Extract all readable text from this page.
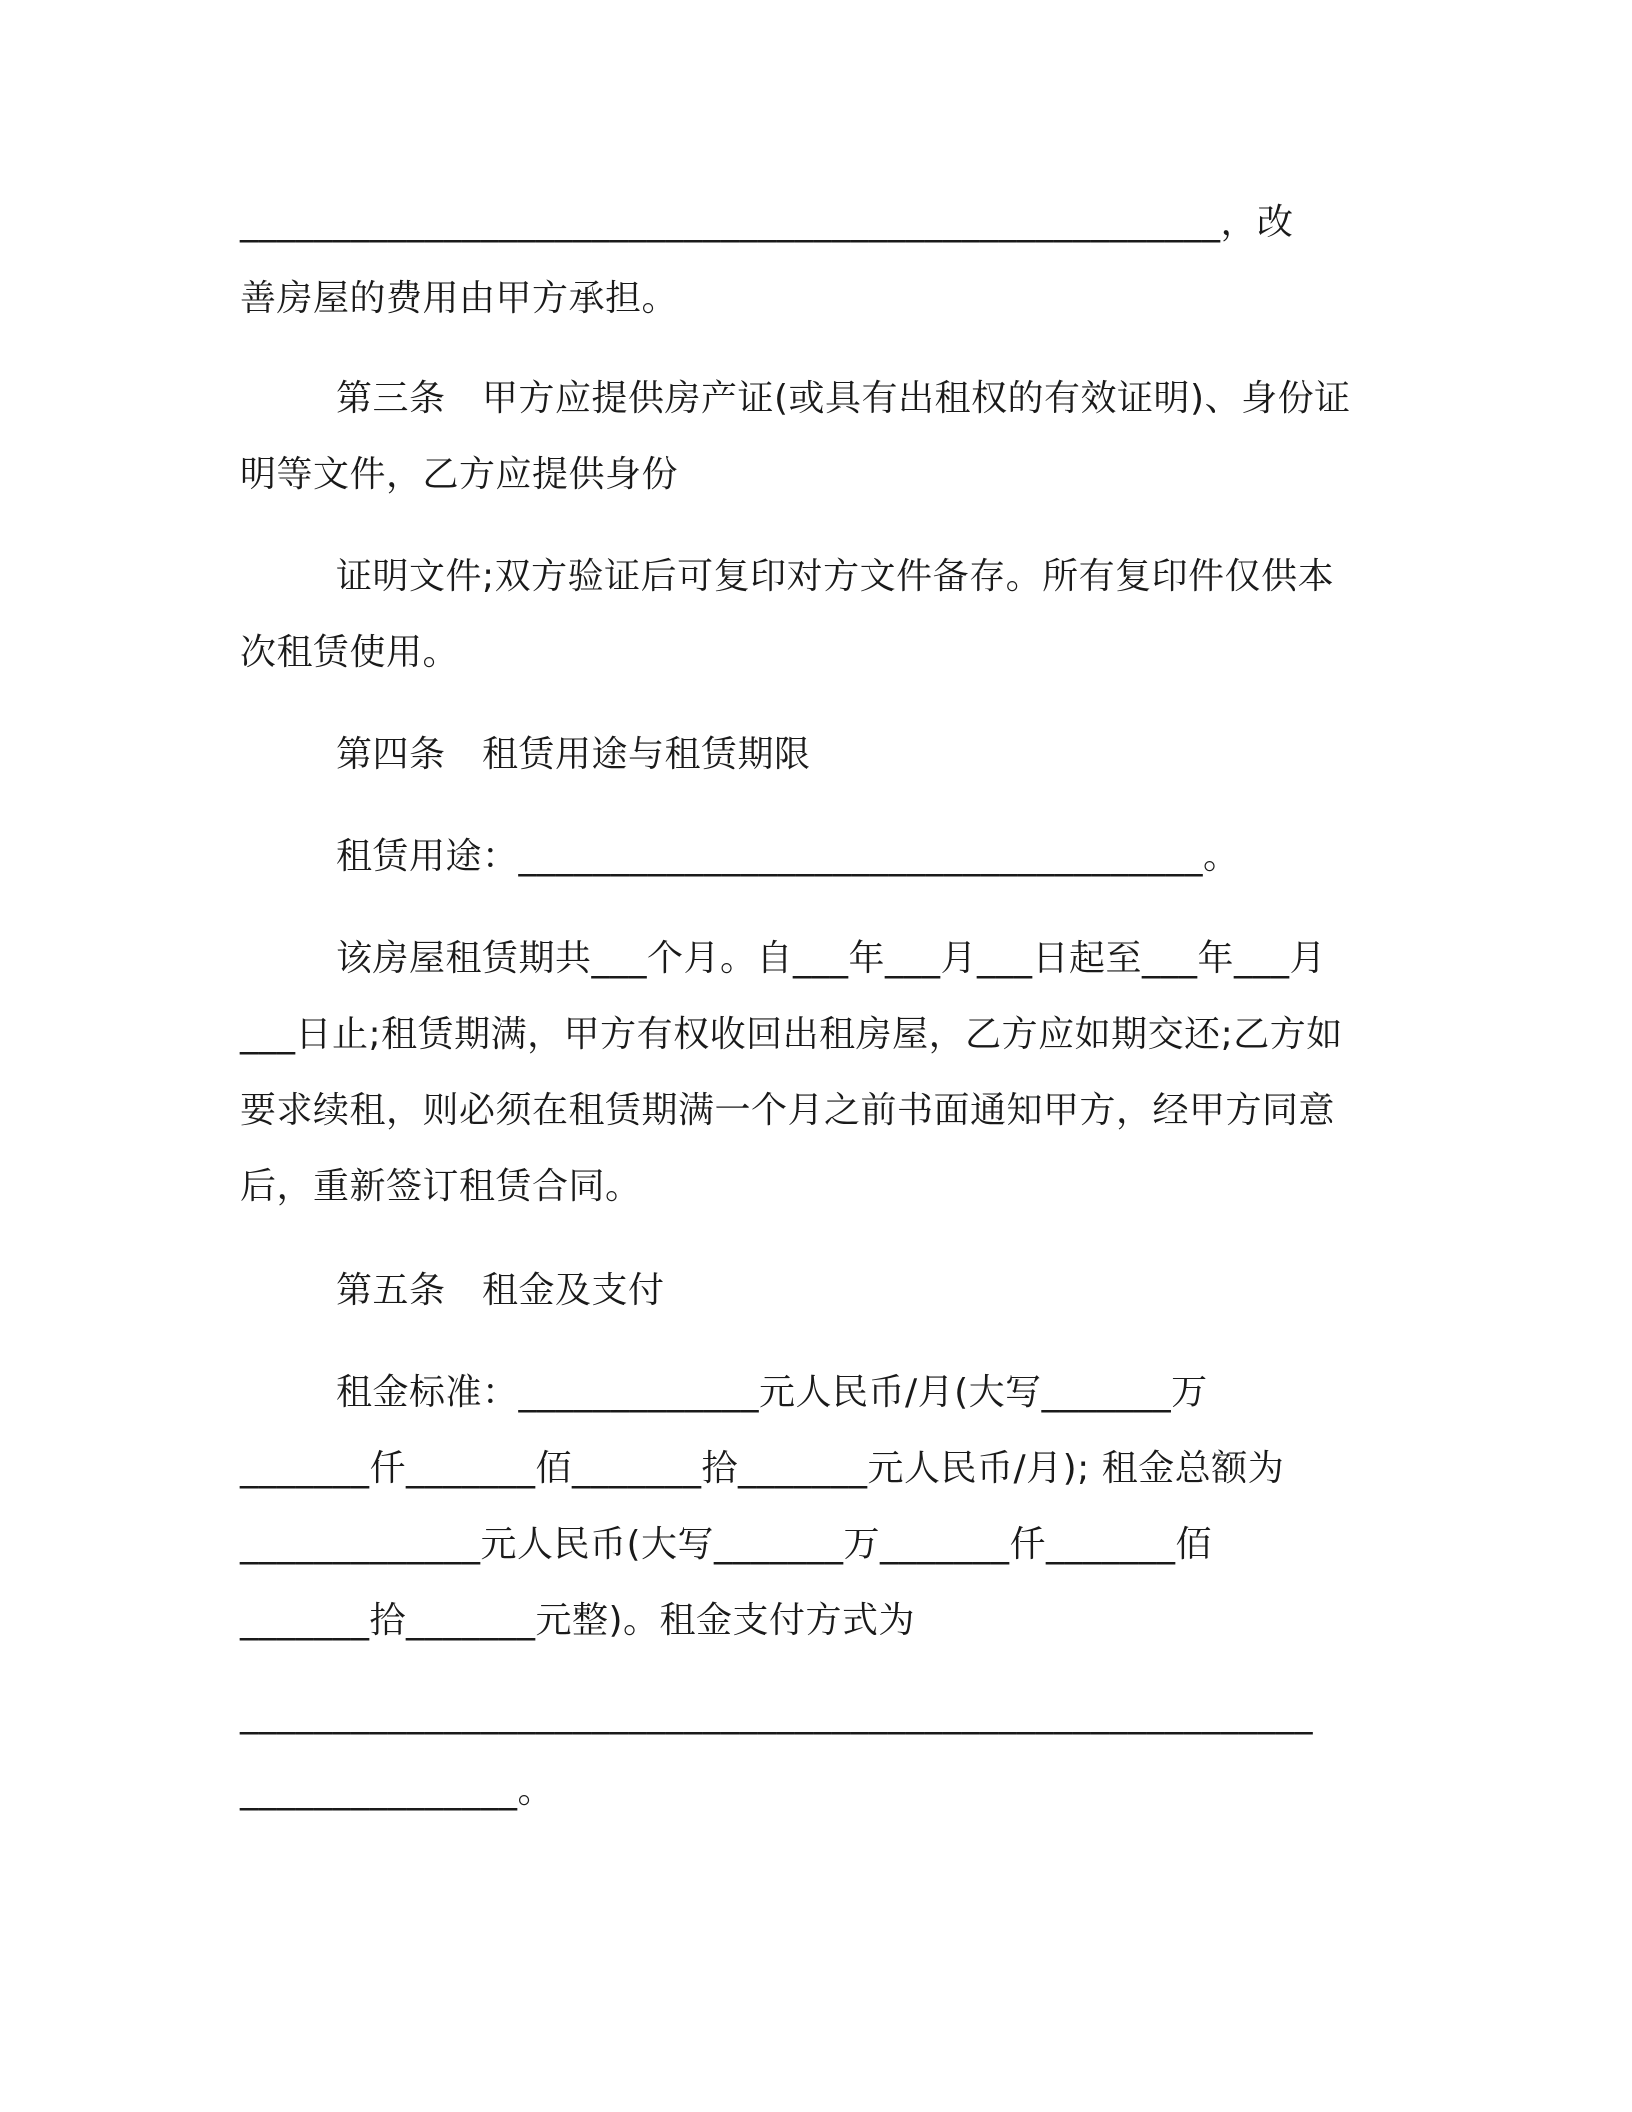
_____________________________________________________，改
善房屋的费用由甲方承担。
第三条　甲方应提供房产证(或具有出租权的有效证明)、身份证
明等文件，乙方应提供身份
证明文件;双方验证后可复印对方文件备存。所有复印件仅供本
次租赁使用。
第四条　租赁用途与租赁期限
租赁用途：_____________________________________。
该房屋租赁期共___个月。自___年___月___日起至___年___月
___日止;租赁期满，甲方有权收回出租房屋，乙方应如期交还;乙方如
要求续租，则必须在租赁期满一个月之前书面通知甲方，经甲方同意
后，重新签订租赁合同。
第五条　租金及支付
租金标准：_____________元人民币/月(大写_______万
_______仟_______佰_______拾_______元人民币/月); 租金总额为
_____________元人民币(大写_______万_______仟_______佰
_______拾_______元整)。租金支付方式为
__________________________________________________________
_______________。
